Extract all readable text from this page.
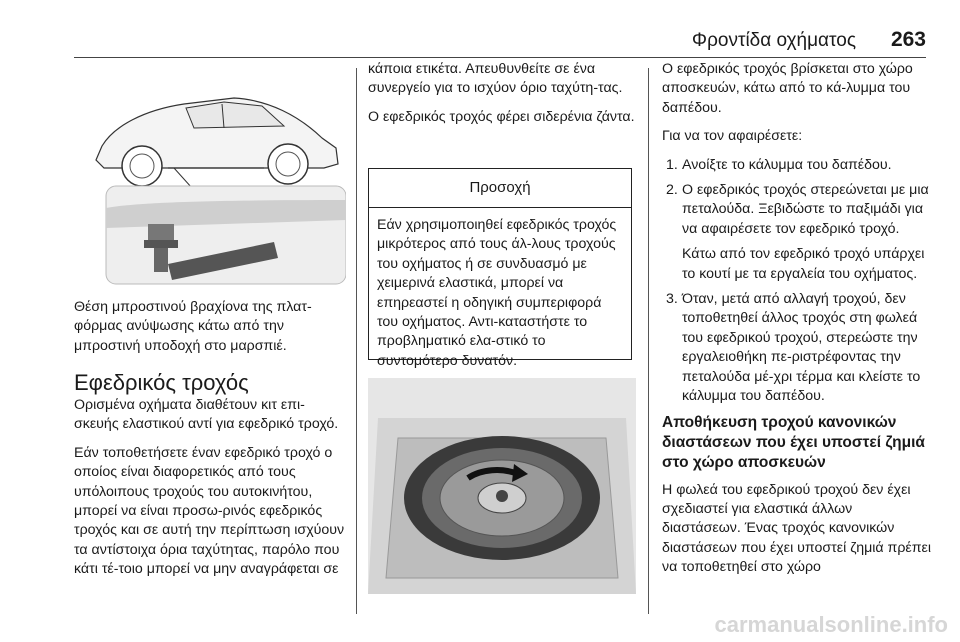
Φροντίδα οχήματος 263
Θέση μπροστινού βραχίονα της πλατ-φόρμας ανύψωσης κάτω από την μπροστινή υποδοχή στο μαρσπιέ.
Εφεδρικός τροχός

Ορισμένα οχήματα διαθέτουν κιτ επι-σκευής ελαστικού αντί για εφεδρικό τροχό.

Εάν τοποθετήσετε έναν εφεδρικό τροχό ο οποίος είναι διαφορετικός από τους υπόλοιπους τροχούς του αυτοκινήτου, μπορεί να είναι προσω-ρινός εφεδρικός τροχός και σε αυτή την περίπτωση ισχύουν τα αντίστοιχα όρια ταχύτητας, παρόλο που κάτι τέ-τοιο μπορεί να μην αναγράφεται σε

κάποια ετικέτα. Απευθυνθείτε σε ένα συνεργείο για το ισχύον όριο ταχύτη-τας.

Ο εφεδρικός τροχός φέρει σιδερένια ζάντα.

Προσοχή
Εάν χρησιμοποιηθεί εφεδρικός τροχός μικρότερος από τους άλ-λους τροχούς του οχήματος ή σε συνδυασμό με χειμερινά ελαστικά, μπορεί να επηρεαστεί η οδηγική συμπεριφορά του οχήματος. Αντι-καταστήστε το προβληματικό ελα-στικό το συντομότερο δυνατόν.

Ο εφεδρικός τροχός βρίσκεται στο χώρο αποσκευών, κάτω από το κά-λυμμα του δαπέδου.

Για να τον αφαιρέσετε:

1. Ανοίξτε το κάλυμμα του δαπέδου.

2. Ο εφεδρικός τροχός στερεώνεται με μια πεταλούδα. Ξεβιδώστε το παξιμάδι για να αφαιρέσετε τον εφεδρικό τροχό.

Κάτω από τον εφεδρικό τροχό υπάρχει το κουτί με τα εργαλεία του οχήματος.

3. Όταν, μετά από αλλαγή τροχού, δεν τοποθετηθεί άλλος τροχός στη φωλεά του εφεδρικού τροχού, στερεώστε την εργαλειοθήκη πε-ριστρέφοντας την πεταλούδα μέ-χρι τέρμα και κλείστε το κάλυμμα του δαπέδου.

Αποθήκευση τροχού κανονικών διαστάσεων που έχει υποστεί ζημιά στο χώρο αποσκευών

Η φωλεά του εφεδρικού τροχού δεν έχει σχεδιαστεί για ελαστικά άλλων διαστάσεων. Ένας τροχός κανονικών διαστάσεων που έχει υποστεί ζημιά πρέπει να τοποθετηθεί στο χώρο

carmanualsonline.info
